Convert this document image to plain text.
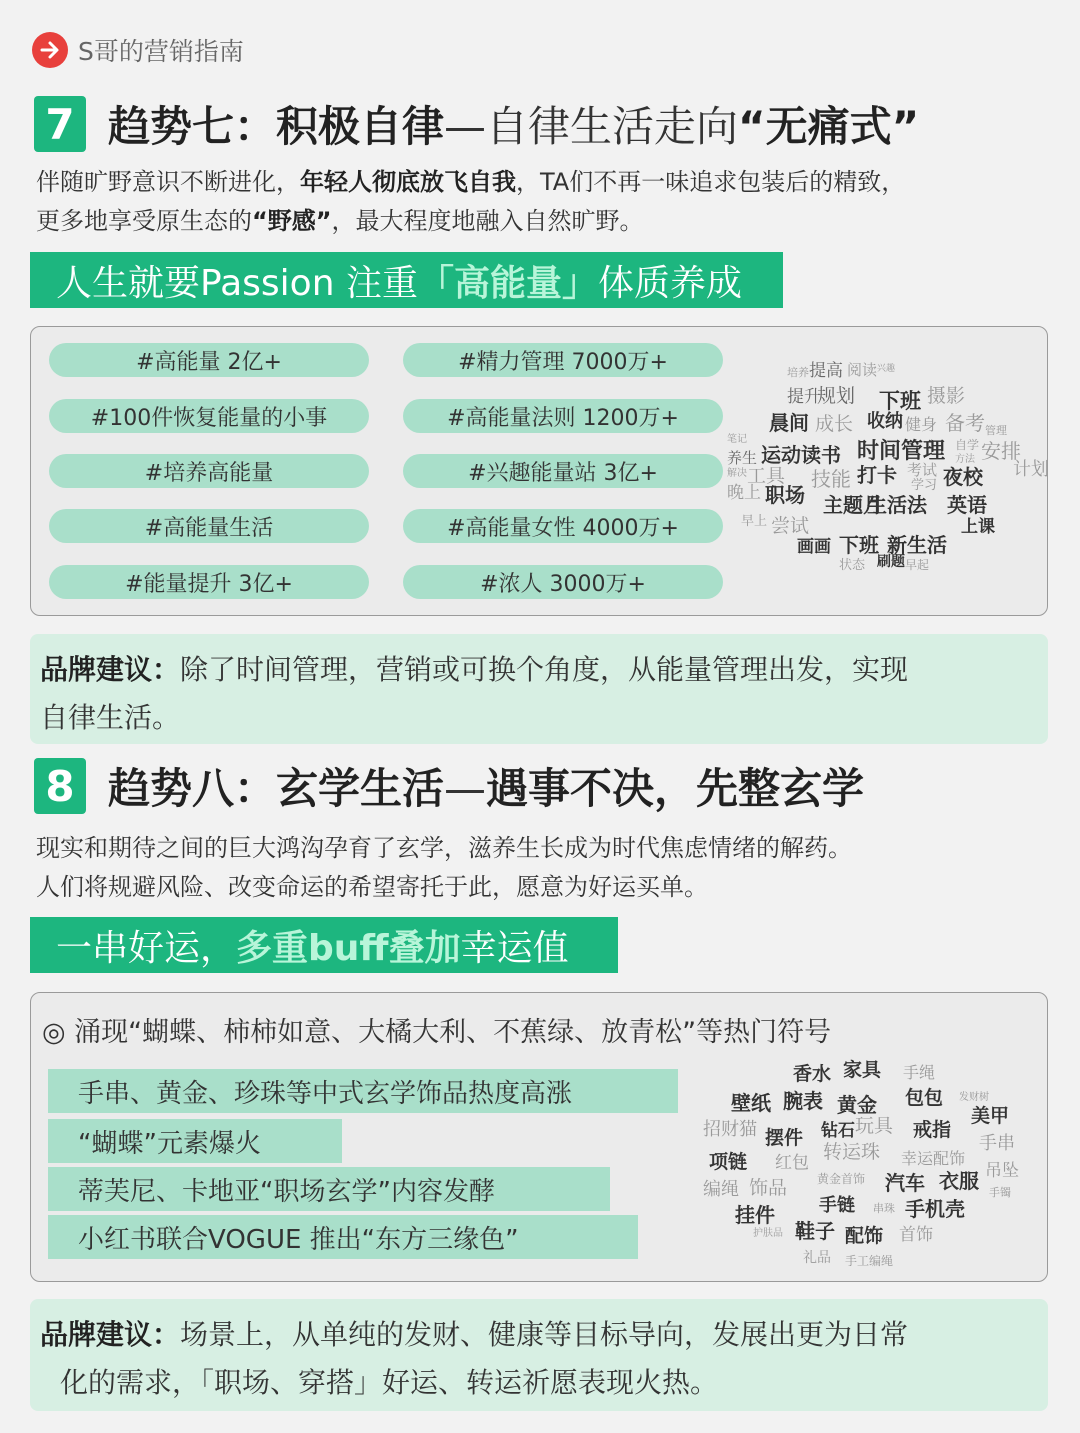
S哥的营销指南
7 趋势七：积极自律—自律生活走向“无痛式”
伴随旷野意识不断进化，年轻人彻底放飞自我，TA们不再一味追求包装后的精致，
更多地享受原生态的“野感”，最大程度地融入自然旷野。
人生就要Passion 注重 「高能量」 体质养成
#高能量 2亿+
#100件恢复能量的小事
#培养高能量
#高能量生活
#能量提升 3亿+
#精力管理 7000万+
#高能量法则 1200万+
#兴趣能量站 3亿+
#高能量女性 4000万+
#浓人 3000万+
培养 提高 阅读 兴趣
提升
规划 下班 摄影
晨间 成长 收纳 健身 备考 管理
笔记
养生 运动 读书 时间管理 自学 安排
方法
解决 工具 技能 打卡 考试 夜校 计划
晚上 职场	学习
主题月
生活法 英语
早上 尝试	上课
画画 下班 新生活
状态 刷题 早起
品牌建议：除了时间管理，营销或可换个角度，从能量管理出发，实现
自律生活。
8 趋势八：玄学生活—遇事不决，先整玄学
现实和期待之间的巨大鸿沟孕育了玄学，滋养生长成为时代焦虑情绪的解药。
人们将规避风险、改变命运的希望寄托于此，愿意为好运买单。
一串好运， 多重buff叠加 幸运值
香水 家具 手绳
壁纸 腕表 黄金 包包 发财树
招财猫 摆件 钻石 玩具 戒指
美甲
项链 红包 转运珠 幸运配饰
手串
编绳 饰品 黄金首饰 汽车 衣服 吊坠
挂件 手链 串珠 手机壳
手镯
护肤品 鞋子 配饰 首饰
礼品 手工编绳
◎ 涌现“蝴蝶、柿柿如意、大橘大利、不蕉绿、放青松”等热门符号
手串、黄金、珍珠等中式玄学饰品热度高涨
“蝴蝶”元素爆火
蒂芙尼、卡地亚“职场玄学”内容发酵
小红书联合VOGUE 推出“东方三缘色”
品牌建议：场景上，从单纯的发财、健康等目标导向，发展出更为日常
化的需求，「职场、穿搭」好运、转运祈愿表现火热。
